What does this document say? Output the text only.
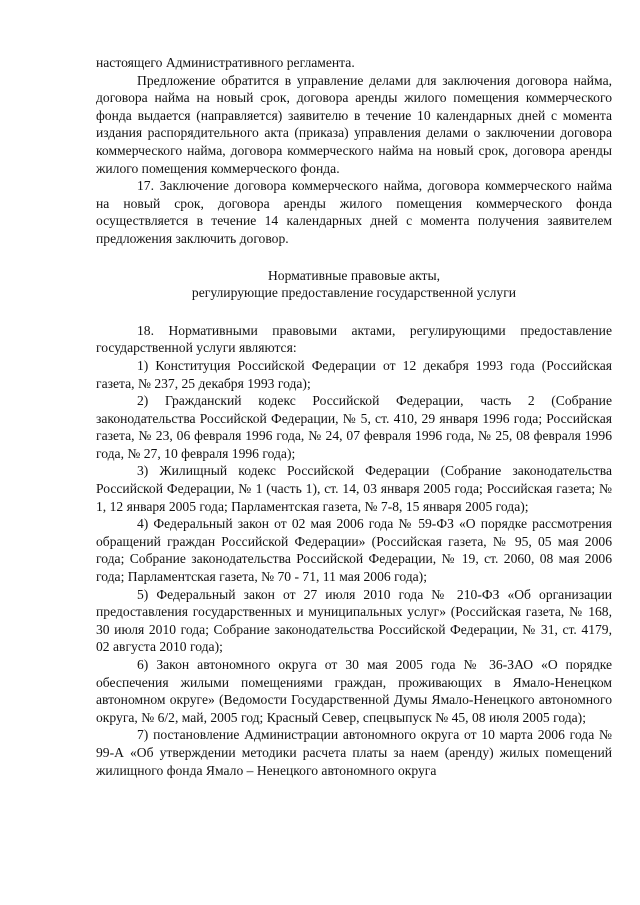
настоящего Административного регламента.

Предложение обратится в управление делами для заключения договора найма, договора найма на новый срок, договора аренды жилого помещения коммерческого фонда выдается (направляется) заявителю в течение 10 календарных дней с момента издания распорядительного акта (приказа) управления делами о заключении договора коммерческого найма, договора коммерческого найма на новый срок, договора аренды жилого помещения коммерческого фонда.

17. Заключение договора коммерческого найма, договора коммерческого найма на новый срок, договора аренды жилого помещения коммерческого фонда осуществляется в течение 14 календарных дней с момента получения заявителем предложения заключить договор.

Нормативные правовые акты,
регулирующие предоставление государственной услуги

18. Нормативными правовыми актами, регулирующими предоставление государственной услуги являются:

1) Конституция Российской Федерации от 12 декабря 1993 года (Российская газета, № 237, 25 декабря 1993 года);

2) Гражданский кодекс Российской Федерации, часть 2 (Собрание законодательства Российской Федерации, № 5, ст. 410, 29 января 1996 года; Российская газета, № 23, 06 февраля 1996 года, № 24, 07 февраля 1996 года, № 25, 08 февраля 1996 года, № 27, 10 февраля 1996 года);

3) Жилищный кодекс Российской Федерации (Собрание законодательства Российской Федерации, № 1 (часть 1), ст. 14, 03 января 2005 года; Российская газета; № 1, 12 января 2005 года; Парламентская газета, № 7-8, 15 января 2005 года);

4) Федеральный закон от 02 мая 2006 года № 59-ФЗ «О порядке рассмотрения обращений граждан Российской Федерации» (Российская газета, № 95, 05 мая 2006 года; Собрание законодательства Российской Федерации, № 19, ст. 2060, 08 мая 2006 года; Парламентская газета, № 70 - 71, 11 мая 2006 года);

5) Федеральный закон от 27 июля 2010 года № 210-ФЗ «Об организации предоставления государственных и муниципальных услуг» (Российская газета, № 168, 30 июля 2010 года; Собрание законодательства Российской Федерации, № 31, ст. 4179, 02 августа 2010 года);

6) Закон автономного округа от 30 мая 2005 года № 36-ЗАО «О порядке обеспечения жилыми помещениями граждан, проживающих в Ямало-Ненецком автономном округе» (Ведомости Государственной Думы Ямало-Ненецкого автономного округа, № 6/2, май, 2005 год; Красный Север, спецвыпуск № 45, 08 июля 2005 года);

7) постановление Администрации автономного округа от 10 марта 2006 года № 99-А «Об утверждении методики расчета платы за наем (аренду) жилых помещений жилищного фонда Ямало – Ненецкого автономного округа
